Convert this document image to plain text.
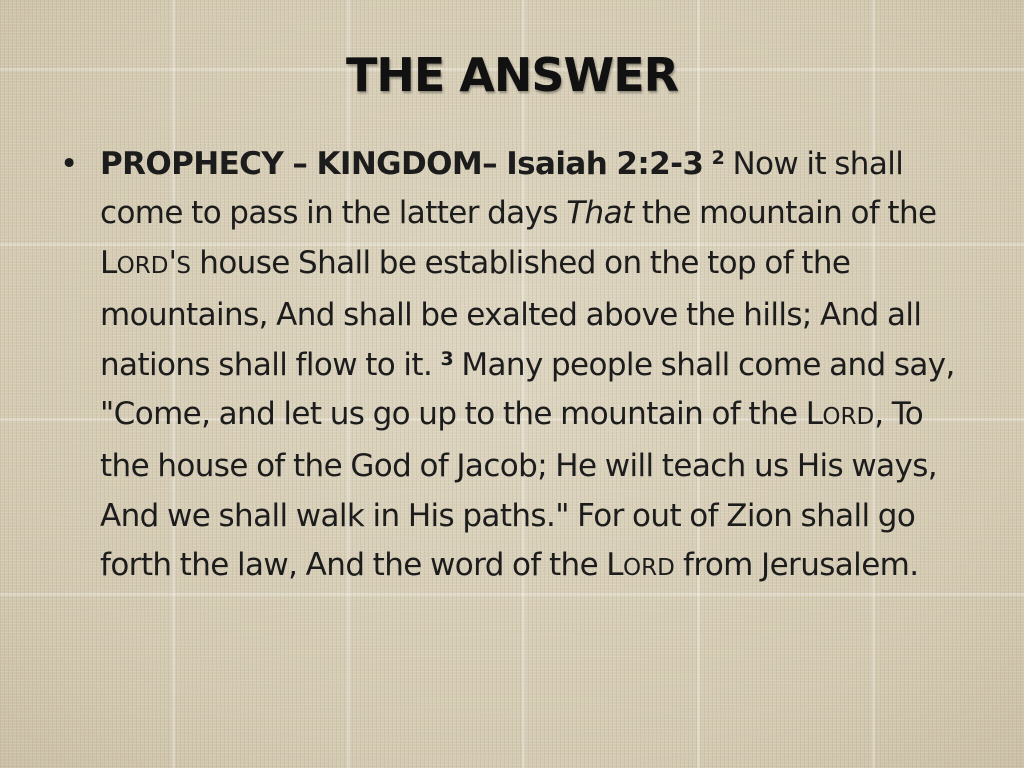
THE ANSWER
• PROPHECY – KINGDOM– Isaiah 2:2-3 $^2$ Now it shall come to pass in the latter days That the mountain of the LORD'S house Shall be established on the top of the mountains, And shall be exalted above the hills; And all nations shall flow to it. $^3$ Many people shall come and say, "Come, and let us go up to the mountain of the LORD, To the house of the God of Jacob; He will teach us His ways, And we shall walk in His paths." For out of Zion shall go forth the law, And the word of the LORD from Jerusalem.
